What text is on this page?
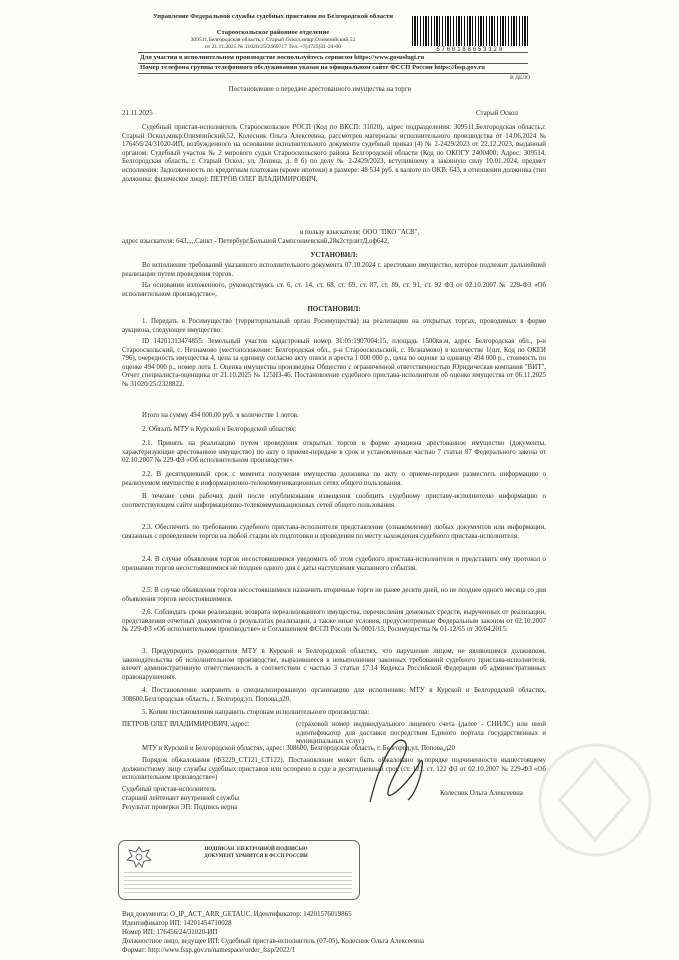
Управление Федеральной службы судебных приставов по Белгородской области
Старооскольское районное отделение
309511,Белгородская область,г. Старый Оскол,микр.Олимпийский,52
от 21.11.2025 № 31020/25/2469717 Тел. +7(4725)31-24-00
Для участия в исполнительном производстве воспользуйтесь сервисом https://www.gosuslugi.ru
Номер телефона группы телефонного обслуживания указан на официальном сайте ФССП России https://fssp.gov.ru
5760188653120
В ДЕЛО
Постановление о передаче арестованного имущества на торги
21.11.2025	Старый Оскол
Судебный пристав-исполнитель Старооскольское РОСП (Код по ВКСП: 31020), адрес подразделения: 309511,Белгородская область,г. Старый Оскол,микр.Олимпийский,52, Колесник Ольга Алексеевна, рассмотрев материалы исполнительного производства от 14.06.2024 № 176456/24/31020-ИП, возбужденного на основании исполнительного документа судебный приказ (4) № 2-2429/2023 от 22.12.2023, выданный органом: Судебный участок № 2 мирового судьи Старооскольского района Белгородской области (Код по ОКОГУ 2400400; Адрес: 309514, Белгородская область, г. Старый Оскол, ул. Ленина, д. 8 б) по делу № 2-2429/2023, вступившему в законную силу 10.01.2024, предмет исполнения: Задолженность по кредитным платежам (кроме ипотеки) в размере: 48 534 руб. в валюте по ОКВ: 643, в отношении должника (тип должника: физическое лицо): ПЕТРОВ ОЛЕГ ВЛАДИМИРОВИЧ,
в пользу взыскателя: ООО "ПКО "АСВ",
адрес взыскателя: 643,,,,,Санкт - Петербург,Большой Сампсониевский,28к2стрлитД,оф642,
УСТАНОВИЛ:
Во исполнение требований указанного исполнительного документа 07.10.2024 г. арестовано имущество, которое подлежит дальнейшей реализации путем проведения торгов.
На основании изложенного, руководствуясь ст. 6, ст. 14, ст. 68, ст. 69, ст. 87, ст. 89, ст. 91, ст. 92 ФЗ от 02.10.2007 № 229-ФЗ «Об исполнительном производстве»,
ПОСТАНОВИЛ:
1. Передать в Росимущество (территориальный орган Росимущества) на реализацию на открытых торгах, проводимых в форме аукциона, следующее имущество:
ID 14201313474855: Земельный участок кадастровый номер 31:05:1907004:15, площадь 1500кв.м, адрес Белгородская обл., р-н Старооскольский, с. Незнамово (местоположение: Белгородская обл., р-н Старооскольский, с. Незнамово) в количестве 1(шт, Код по ОКЕИ 796), очередность имущества 4, цена за единицу согласно акту описи и ареста 1 000 000 р., цена по оценке за единицу 494 000 р., стоимость по оценке 494 000 р., номер лота 1. Оценка имущества произведена Общество с ограниченной ответственностью Юридическая компания "ВИТ". Отчет специалиста-оценщика от 21.10.2025 № 125НЗ-46. Постановление судебного пристава-исполнителя об оценке имущества от 06.11.2025 № 31020/25/2328822.
Итого на сумму 494 000,00 руб. в количестве 1 лотов.
2. Обязать МТУ в Курской и Белгородской областях:
2.1. Принять на реализацию путем проведения открытых торгов в форме аукциона арестованное имущество (документы, характеризующие арестованное имущество) по акту о приеме-передаче в срок и установленные частью 7 статьи 87 Федерального закона от 02.10.2007 № 229-ФЗ «Об исполнительном производстве».
2.2. В десятидневный срок с момента получения имущества должника по акту о приеме-передаче разместить информацию о реализуемом имуществе в информационно-телекоммуникационных сетях общего пользования.
В течение семи рабочих дней после опубликования извещения сообщить судебному приставу-исполнителю информацию о соответствующем сайте информационно-телекоммуникационных сетей общего пользования.
2.3. Обеспечить по требованию судебного пристава-исполнителя представление (ознакомление) любых документов или информации, связанных с проведением торгов на любой стадии их подготовки и проведения по месту нахождения судебного пристава-исполнителя.
2.4. В случае объявления торгов несостоявшимися уведомить об этом судебного пристава-исполнителя и представить ему протокол о признании торгов несостоявшимися не позднее одного дня с даты наступления указанного события.
2.5. В случае объявления торгов несостоявшимися назначить вторичные торги не ранее десяти дней, но не позднее одного месяца со дня объявления торгов несостоявшимися.
2.6. Соблюдать сроки реализации, возврата нереализованного имущества, перечисления денежных средств, вырученных от реализации, представления отчетных документов о результатах реализации, а также иные условия, предусмотренные Федеральным законом от 02.10.2007 № 229-ФЗ «Об исполнительном производстве» и Соглашением ФССП России № 0001/13, Росимущества № 01-12/65 от 30.04.2015.
3. Предупредить руководителя МТУ в Курской и Белгородской областях, что нарушение лицом, не являющимся должником, законодательства об исполнительном производстве, выразившееся в невыполнении законных требований судебного пристава-исполнителя, влечет административную ответственность в соответствии с частью 3 статьи 17.14 Кодекса Российской Федерации об административных правонарушениях.
4. Постановление направить в специализированную организацию для исполнения: МТУ в Курской и Белгородской областях, 308600,Белгородская область, г. Белгород,ул. Попова,д20.
5. Копии постановления направить сторонам исполнительного производства:
ПЕТРОВ ОЛЕГ ВЛАДИМИРОВИЧ, адрес:	(страховой номер индивидуального лицевого счета (далее - СНИЛС) или иной идентификатор для доставки посредством Единого портала государственных и муниципальных услуг)
МТУ в Курской и Белгородской областях, адрес: 308600, Белгородская область, г. Белгород,ул. Попова,д20
Порядок обжалования (ФЗ229_СТ121_СТ122). Постановление может быть обжаловано в порядке подчиненности вышестоящему должностному лицу службы судебных приставов или оспорено в суде в десятидневный срок (ст. 121, ст. 122 ФЗ от 02.10.2007 № 229-ФЗ «Об исполнительном производстве»)
Судебный пристав-исполнитель
старший лейтенант внутренней службы
Колесник Ольга Алексеевна
Результат проверки ЭП: Подпись верна
ПОДПИСАН ЭЛЕКТРОННОЙ ПОДПИСЬЮ
ДОКУМЕНТ ХРАНИТСЯ В ФССП РОССИИ
Вид документа: O_IP_ACT_ARR_GETAUC, Идентификатор: 14201576019865
Идентификатор ИП: 14201454710028
Номер ИП: 176456/24/31020-ИП
Должностное лицо, ведущее ИП: Судебный пристав-исполнитель (07-05), Колесник Ольга Алексеевна
Формат: http://www.fssp.gov.ru/namespace/order_fssp/2022/1
